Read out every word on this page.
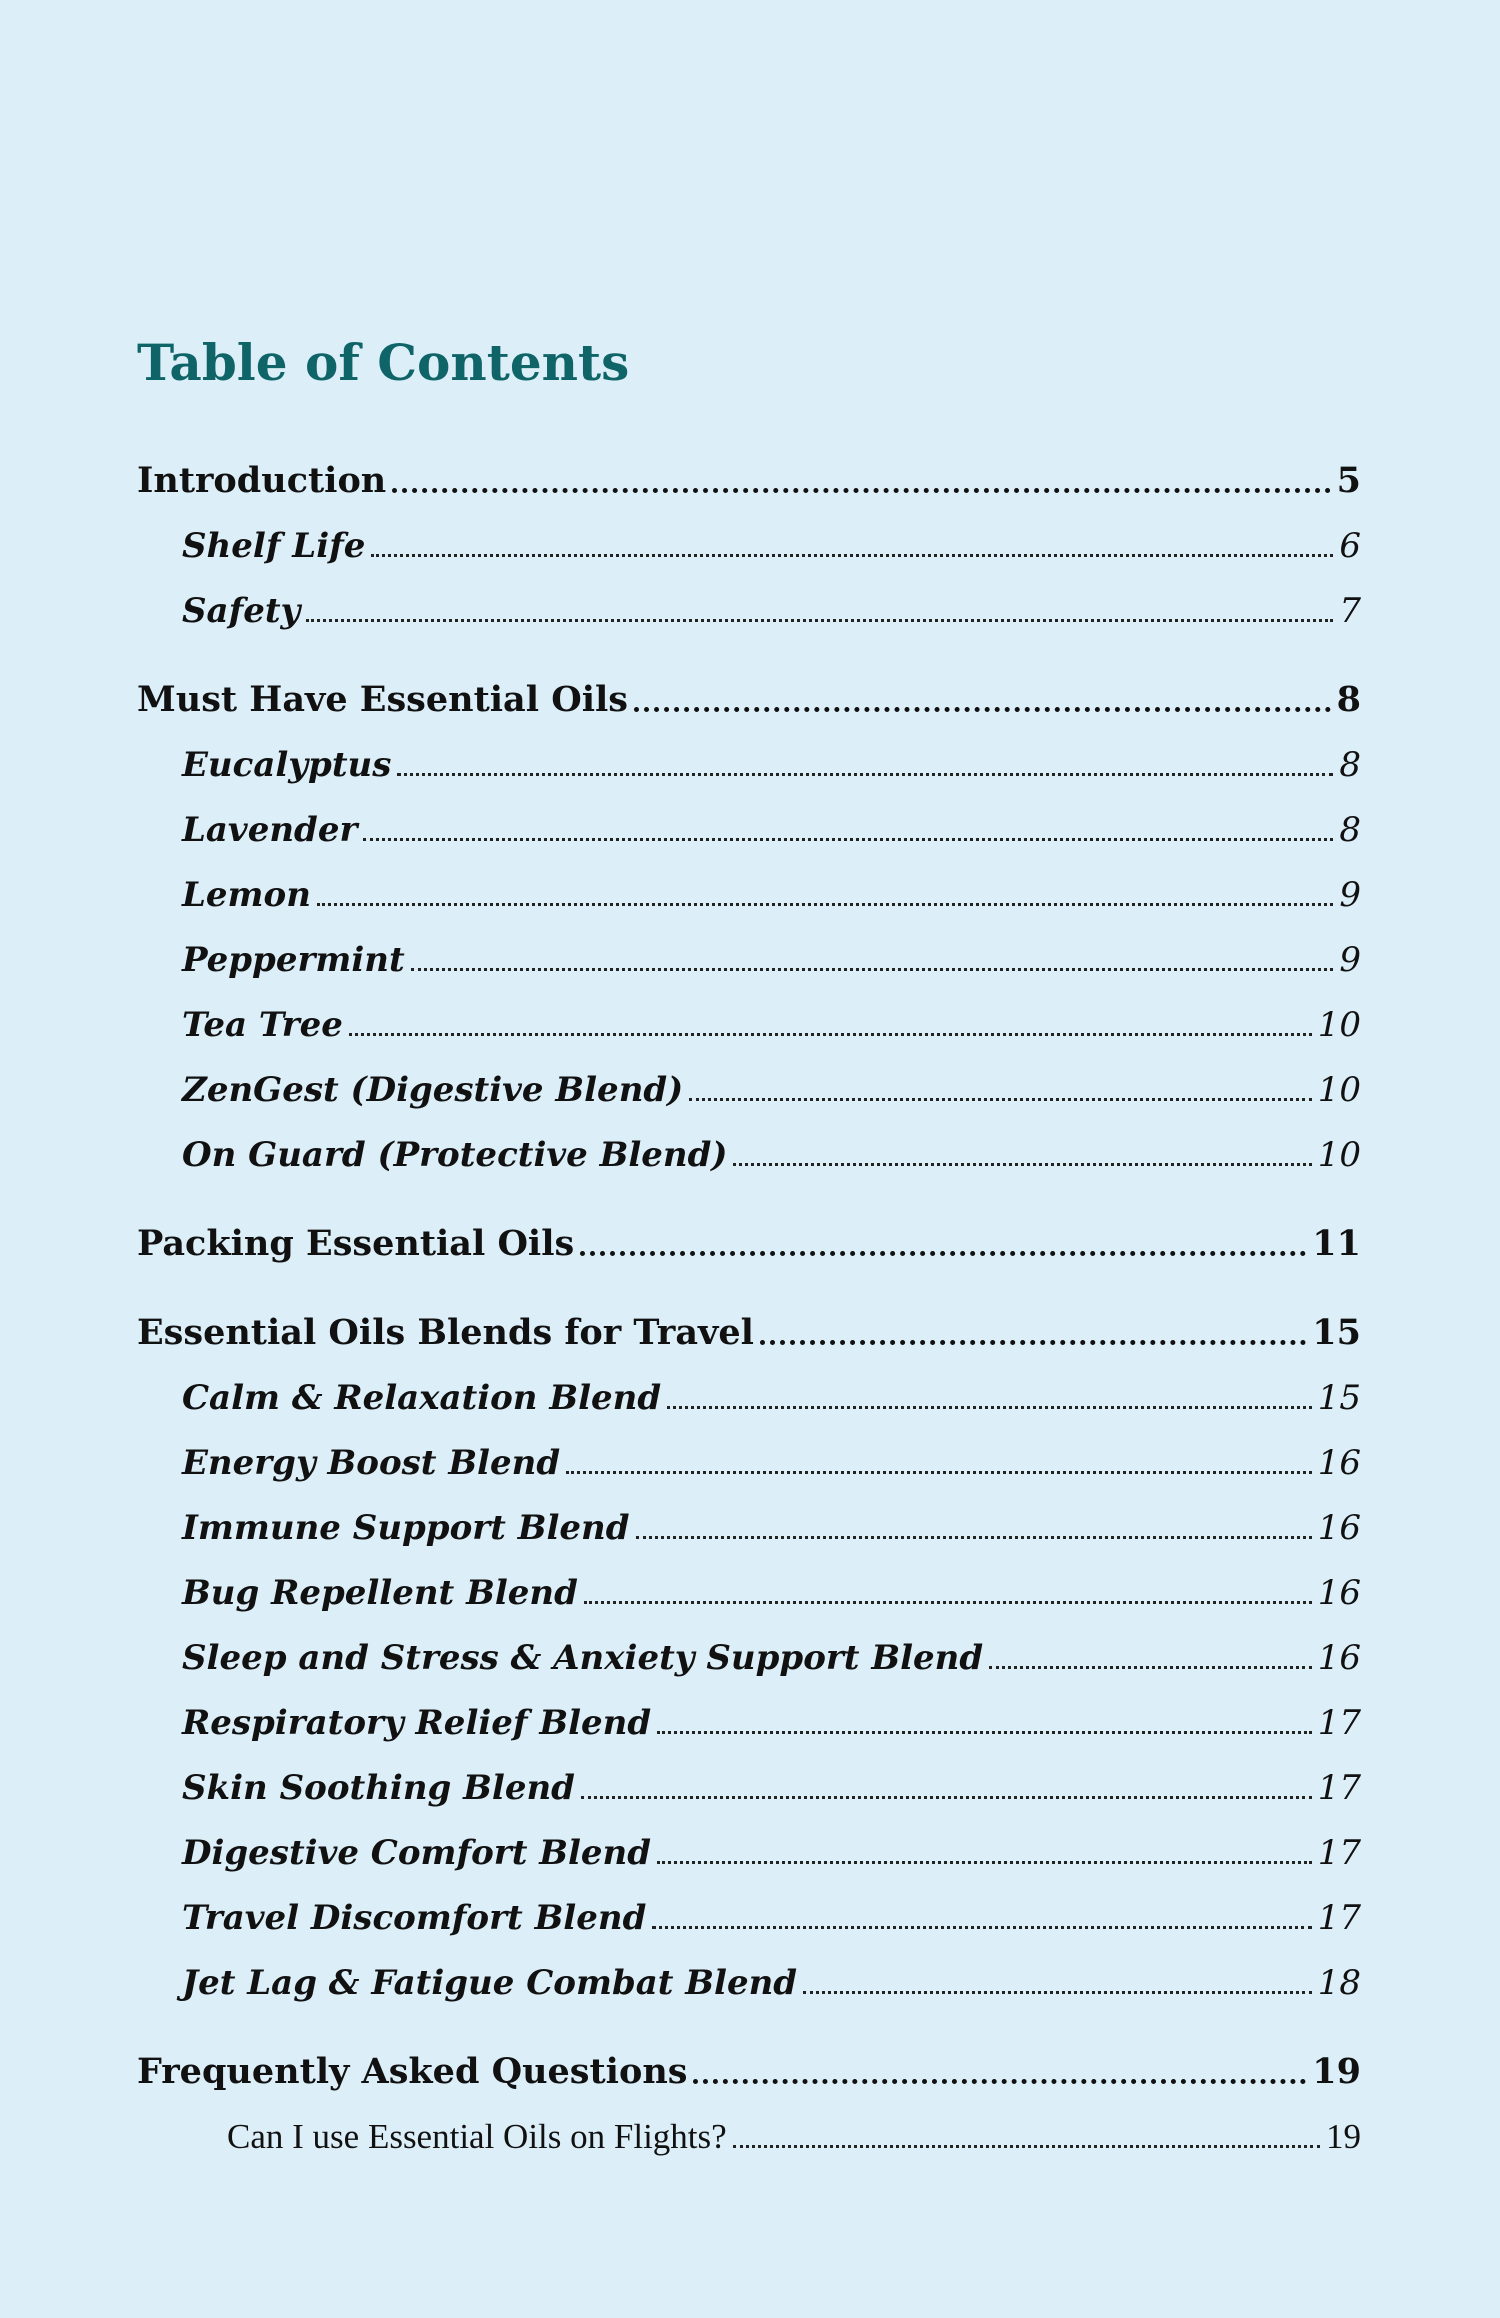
Table of Contents
Introduction	5
Shelf Life	6
Safety	7
Must Have Essential Oils	8
Eucalyptus	8
Lavender	8
Lemon	9
Peppermint	9
Tea Tree	10
ZenGest (Digestive Blend)	10
On Guard (Protective Blend)	10
Packing Essential Oils	11
Essential Oils Blends for Travel	15
Calm & Relaxation Blend	15
Energy Boost Blend	16
Immune Support Blend	16
Bug Repellent Blend	16
Sleep and Stress & Anxiety Support Blend	16
Respiratory Relief Blend	17
Skin Soothing Blend	17
Digestive Comfort Blend	17
Travel Discomfort Blend	17
Jet Lag & Fatigue Combat Blend	18
Frequently Asked Questions	19
Can I use Essential Oils on Flights?	19
